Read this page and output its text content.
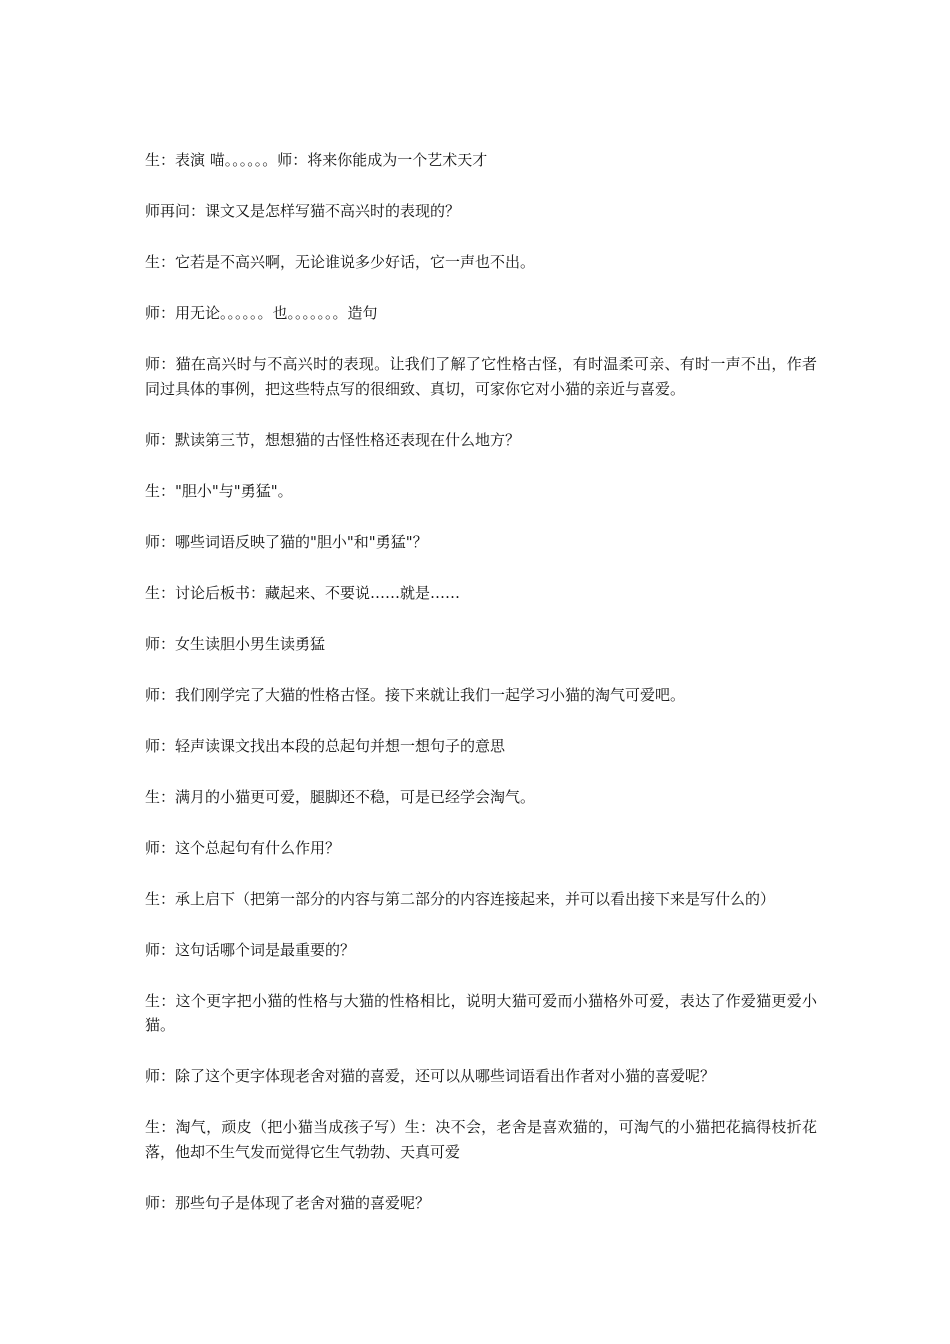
生：表演 喵。。。。。。师：将来你能成为一个艺术天才

师再问：课文又是怎样写猫不高兴时的表现的？

生：它若是不高兴啊，无论谁说多少好话，它一声也不出。

师：用无论。。。。。。也。。。。。。。造句

师：猫在高兴时与不高兴时的表现。让我们了解了它性格古怪，有时温柔可亲、有时一声不出，作者同过具体的事例，把这些特点写的很细致、真切，可家你它对小猫的亲近与喜爱。

师：默读第三节，想想猫的古怪性格还表现在什么地方？

生："胆小"与"勇猛"。

师：哪些词语反映了猫的"胆小"和"勇猛"？

生：讨论后板书：藏起来、不要说……就是……

师：女生读胆小男生读勇猛

师：我们刚学完了大猫的性格古怪。接下来就让我们一起学习小猫的淘气可爱吧。

师：轻声读课文找出本段的总起句并想一想句子的意思

生：满月的小猫更可爱，腿脚还不稳，可是已经学会淘气。

师：这个总起句有什么作用？

生：承上启下（把第一部分的内容与第二部分的内容连接起来，并可以看出接下来是写什么的）

师：这句话哪个词是最重要的？

生：这个更字把小猫的性格与大猫的性格相比，说明大猫可爱而小猫格外可爱，表达了作爱猫更爱小猫。

师：除了这个更字体现老舍对猫的喜爱，还可以从哪些词语看出作者对小猫的喜爱呢？

生：淘气，顽皮（把小猫当成孩子写）生：决不会，老舍是喜欢猫的，可淘气的小猫把花搞得枝折花落，他却不生气发而觉得它生气勃勃、天真可爱

师：那些句子是体现了老舍对猫的喜爱呢？
